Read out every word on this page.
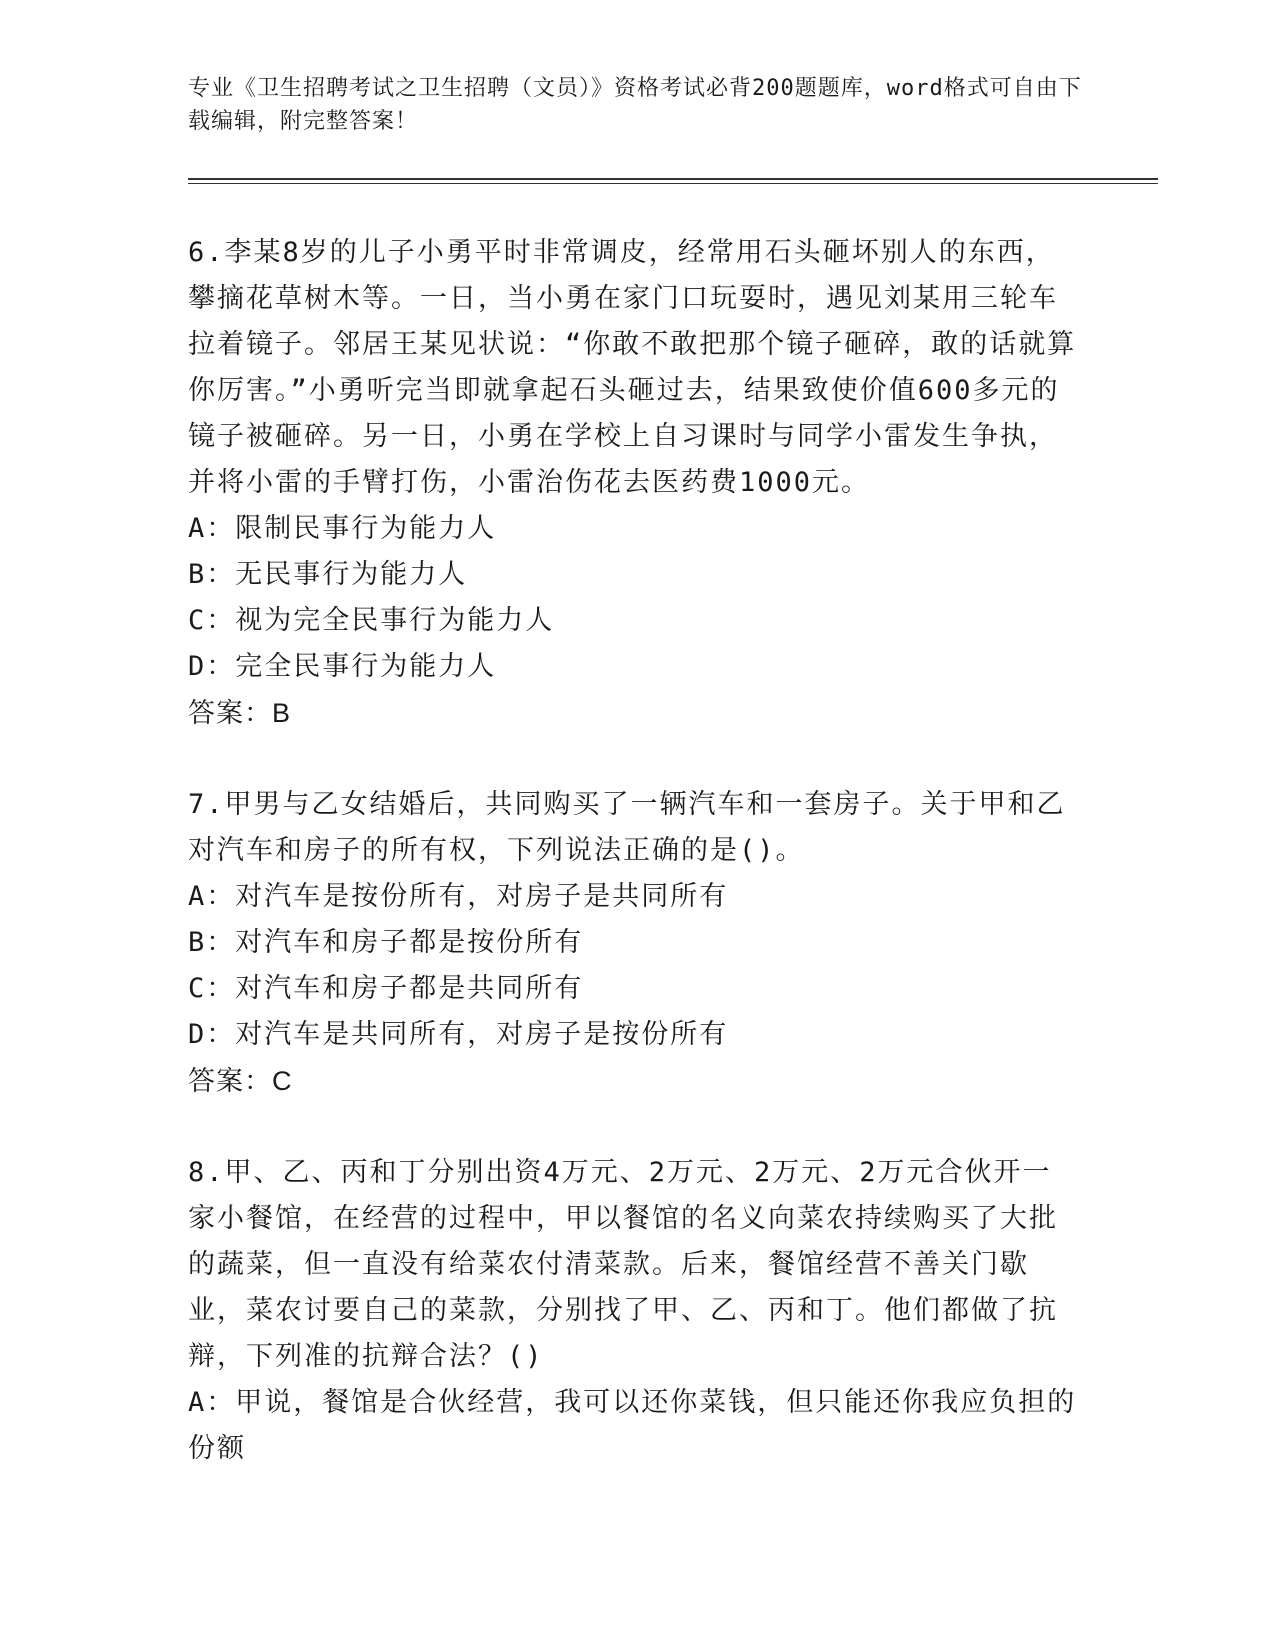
专业《卫生招聘考试之卫生招聘（文员）》资格考试必背200题题库，word格式可自由下载编辑，附完整答案！

6.李某8岁的儿子小勇平时非常调皮，经常用石头砸坏别人的东西，攀摘花草树木等。一日，当小勇在家门口玩耍时，遇见刘某用三轮车拉着镜子。邻居王某见状说：“你敢不敢把那个镜子砸碎，敢的话就算你厉害。”小勇听完当即就拿起石头砸过去，结果致使价值600多元的镜子被砸碎。另一日，小勇在学校上自习课时与同学小雷发生争执，并将小雷的手臂打伤，小雷治伤花去医药费1000元。

A：限制民事行为能力人

B：无民事行为能力人

C：视为完全民事行为能力人

D：完全民事行为能力人

答案：B

7.甲男与乙女结婚后，共同购买了一辆汽车和一套房子。关于甲和乙对汽车和房子的所有权，下列说法正确的是()。

A：对汽车是按份所有，对房子是共同所有

B：对汽车和房子都是按份所有

C：对汽车和房子都是共同所有

D：对汽车是共同所有，对房子是按份所有

答案：C

8.甲、乙、丙和丁分别出资4万元、2万元、2万元、2万元合伙开一家小餐馆，在经营的过程中，甲以餐馆的名义向菜农持续购买了大批的蔬菜，但一直没有给菜农付清菜款。后来，餐馆经营不善关门歇业，菜农讨要自己的菜款，分别找了甲、乙、丙和丁。他们都做了抗辩，下列准的抗辩合法？()

A：甲说，餐馆是合伙经营，我可以还你菜钱，但只能还你我应负担的份额
